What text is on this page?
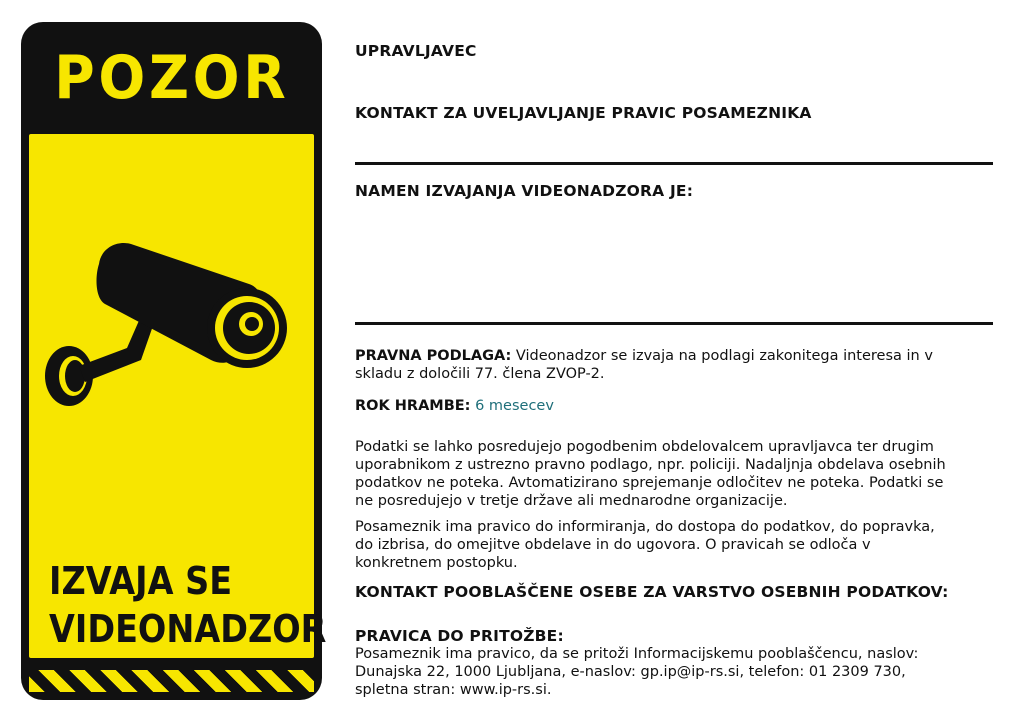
POZOR
IZVAJA SE
VIDEONADZOR
UPRAVLJAVEC
KONTAKT ZA UVELJAVLJANJE PRAVIC POSAMEZNIKA
NAMEN IZVAJANJA VIDEONADZORA JE:
PRAVNA PODLAGA: Videonadzor se izvaja na podlagi zakonitega interesa in v
skladu z določili 77. člena ZVOP-2.
ROK HRAMBE: 6 mesecev
Podatki se lahko posredujejo pogodbenim obdelovalcem upravljavca ter drugim
uporabnikom z ustrezno pravno podlago, npr. policiji. Nadaljnja obdelava osebnih
podatkov ne poteka. Avtomatizirano sprejemanje odločitev ne poteka. Podatki se
ne posredujejo v tretje države ali mednarodne organizacije.
Posameznik ima pravico do informiranja, do dostopa do podatkov, do popravka,
do izbrisa, do omejitve obdelave in do ugovora. O pravicah se odloča v
konkretnem postopku.
KONTAKT POOBLAŠČENE OSEBE ZA VARSTVO OSEBNIH PODATKOV:
PRAVICA DO PRITOŽBE:
Posameznik ima pravico, da se pritoži Informacijskemu pooblaščencu, naslov:
Dunajska 22, 1000 Ljubljana, e-naslov: gp.ip@ip-rs.si, telefon: 01 2309 730,
spletna stran: www.ip-rs.si.
